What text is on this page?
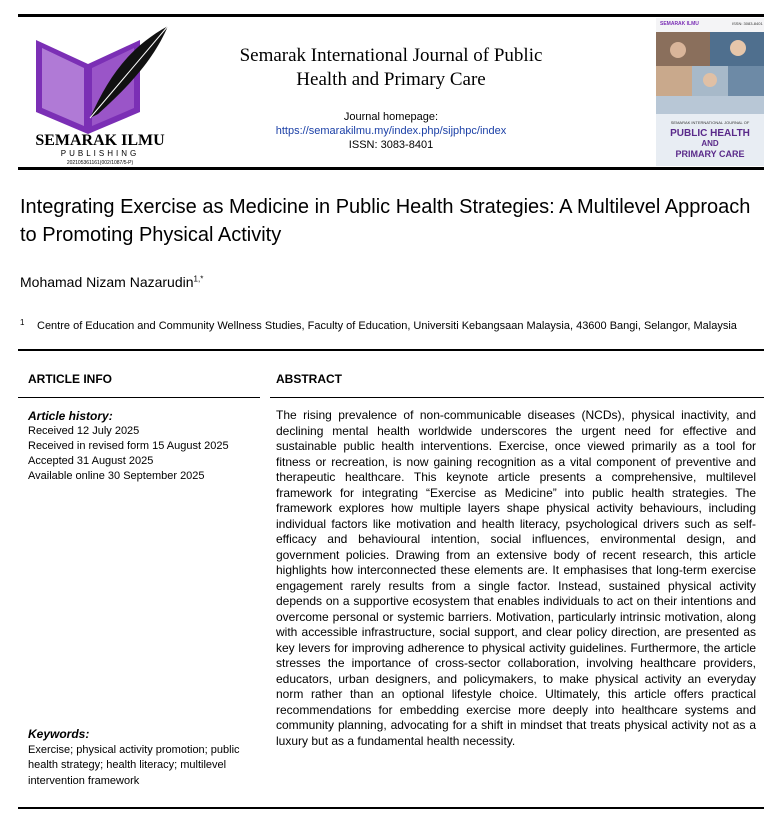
SEMARAK ILMU
PUBLISHING
202105361161(002/1087/5-P)
Semarak International Journal of Public
Health and Primary Care
Journal homepage:
https://semarakilmu.my/index.php/sijphpc/index
ISSN: 3083-8401
SEMARAK ILMU	ISSN: 3083-8401
SEMARAK INTERNATIONAL JOURNAL OF
PUBLIC HEALTH
AND
PRIMARY CARE
Integrating Exercise as Medicine in Public Health Strategies: A Multilevel Approach to Promoting Physical Activity
Mohamad Nizam Nazarudin$^{1,*}$
1 Centre of Education and Community Wellness Studies, Faculty of Education, Universiti Kebangsaan Malaysia, 43600 Bangi, Selangor, Malaysia
ARTICLE INFO	ABSTRACT
Article history:
Received 12 July 2025
Received in revised form 15 August 2025
Accepted 31 August 2025
Available online 30 September 2025
Keywords:
Exercise; physical activity promotion; public health strategy; health literacy; multilevel intervention framework
The rising prevalence of non-communicable diseases (NCDs), physical inactivity, and declining mental health worldwide underscores the urgent need for effective and sustainable public health interventions. Exercise, once viewed primarily as a tool for fitness or recreation, is now gaining recognition as a vital component of preventive and therapeutic healthcare. This keynote article presents a comprehensive, multilevel framework for integrating “Exercise as Medicine” into public health strategies. The framework explores how multiple layers shape physical activity behaviours, including individual factors like motivation and health literacy, psychological drivers such as self-efficacy and behavioural intention, social influences, environmental design, and government policies. Drawing from an extensive body of recent research, this article highlights how interconnected these elements are. It emphasises that long-term exercise engagement rarely results from a single factor. Instead, sustained physical activity depends on a supportive ecosystem that enables individuals to act on their intentions and overcome personal or systemic barriers. Motivation, particularly intrinsic motivation, along with accessible infrastructure, social support, and clear policy direction, are presented as key levers for improving adherence to physical activity guidelines. Furthermore, the article stresses the importance of cross-sector collaboration, involving healthcare providers, educators, urban designers, and policymakers, to make physical activity an everyday norm rather than an optional lifestyle choice. Ultimately, this article offers practical recommendations for embedding exercise more deeply into healthcare systems and community planning, advocating for a shift in mindset that treats physical activity not as a luxury but as a fundamental health necessity.
